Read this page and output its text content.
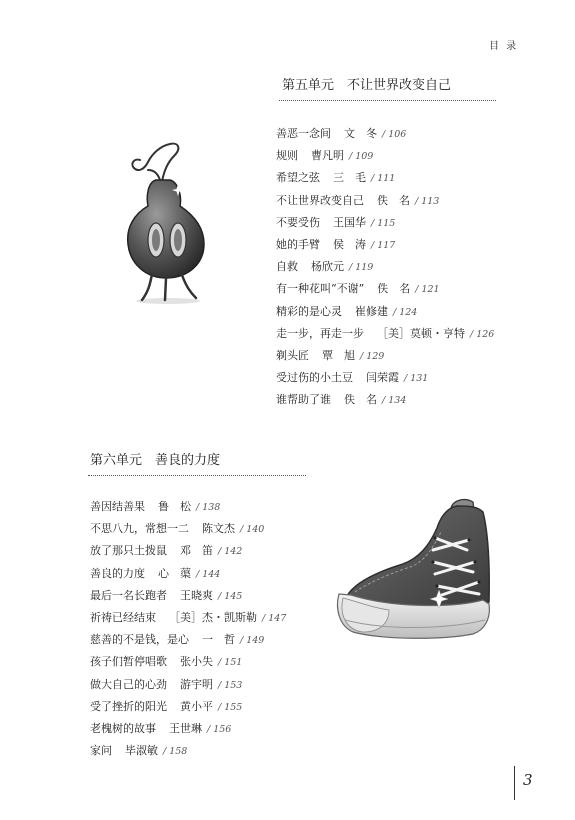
目 录
第五单元　不让世界改变自己
善恶一念间 文　冬 / 106
规则 曹凡明 / 109
希望之弦 三　毛 / 111
不让世界改变自己 佚　名 / 113
不要受伤 王国华 / 115
她的手臂 侯　涛 / 117
自救 杨欣元 / 119
有一种花叫“不谢” 佚　名 / 121
精彩的是心灵 崔修建 / 124
走一步，再走一步 ［美］莫顿・亨特 / 126
剃头匠 覃　旭 / 129
受过伤的小土豆 闫荣霞 / 131
谁帮助了谁 佚　名 / 134
第六单元　善良的力度
善因结善果 鲁　松 / 138
不思八九，常想一二 陈文杰 / 140
放了那只土拨鼠 邓　笛 / 142
善良的力度 心　蕖 / 144
最后一名长跑者 王晓爽 / 145
祈祷已经结束 ［美］杰・凯斯勒 / 147
慈善的不是钱，是心 一　哲 / 149
孩子们暂停唱歌 张小失 / 151
做大自己的心劲 游宇明 / 153
受了挫折的阳光 黄小平 / 155
老槐树的故事 王世琳 / 156
家问 毕淑敏 / 158
3
